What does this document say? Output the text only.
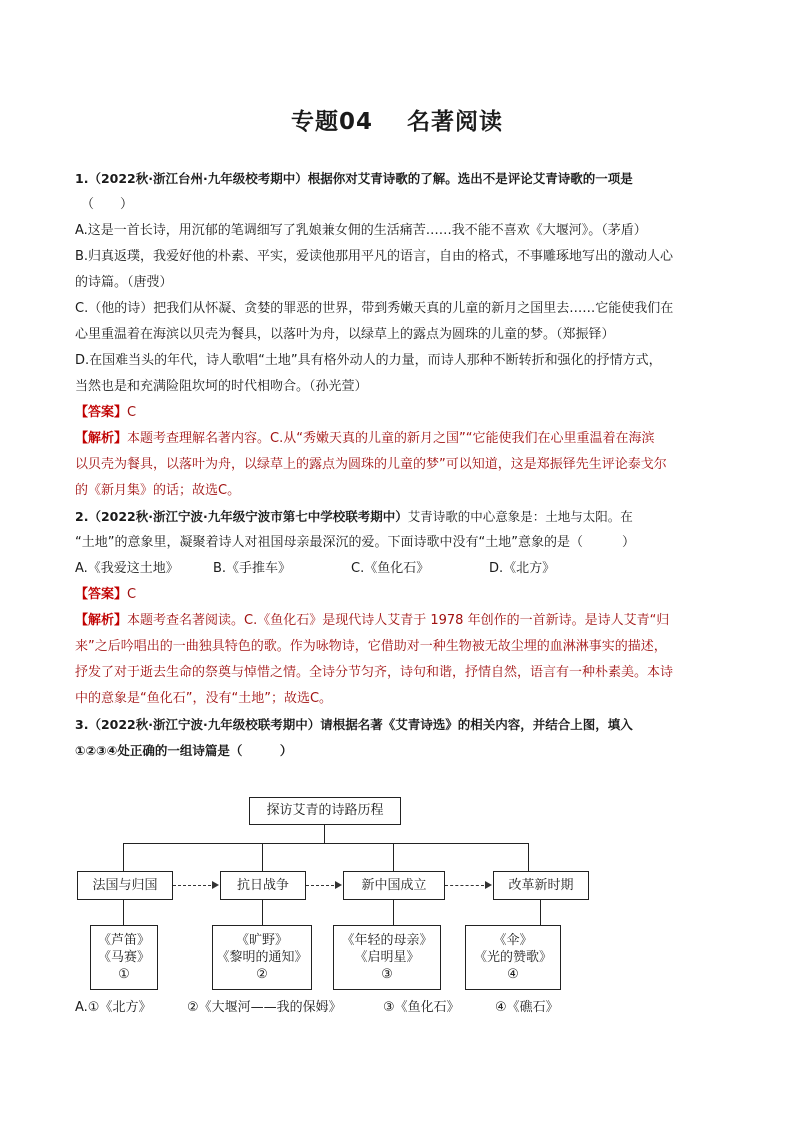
专题04 名著阅读
1.（2022秋·浙江台州·九年级校考期中）根据你对艾青诗歌的了解。选出不是评论艾青诗歌的一项是
（　　）
A.这是一首长诗，用沉郁的笔调细写了乳娘兼女佣的生活痛苦……我不能不喜欢《大堰河》。（茅盾）
B.归真返璞，我爱好他的朴素、平实，爱读他那用平凡的语言，自由的格式，不事雕琢地写出的激动人心
的诗篇。（唐弢）
C.（他的诗）把我们从怀凝、贪婪的罪恶的世界，带到秀嫩天真的儿童的新月之国里去……它能使我们在
心里重温着在海滨以贝壳为餐具，以落叶为舟，以绿草上的露点为圆珠的儿童的梦。（郑振铎）
D.在国难当头的年代，诗人歌唱“土地”具有格外动人的力量，而诗人那种不断转折和强化的抒情方式，
当然也是和充满险阻坎坷的时代相吻合。（孙光萱）
【答案】C
【解析】本题考查理解名著内容。C.从“秀嫩天真的儿童的新月之国”“它能使我们在心里重温着在海滨
以贝壳为餐具，以落叶为舟，以绿草上的露点为圆珠的儿童的梦”可以知道，这是郑振铎先生评论泰戈尔
的《新月集》的话；故选C。
2.（2022秋·浙江宁波·九年级宁波市第七中学校联考期中）艾青诗歌的中心意象是：土地与太阳。在
“土地”的意象里，凝聚着诗人对祖国母亲最深沉的爱。下面诗歌中没有“土地”意象的是（　　　）
A.《我爱这土地》	B.《手推车》	C.《鱼化石》	D.《北方》
【答案】C
【解析】本题考查名著阅读。C.《鱼化石》是现代诗人艾青于 1978 年创作的一首新诗。是诗人艾青“归
来”之后吟唱出的一曲独具特色的歌。作为咏物诗，它借助对一种生物被无故尘埋的血淋淋事实的描述，
抒发了对于逝去生命的祭奠与悼惜之情。全诗分节匀齐，诗句和谐，抒情自然，语言有一种朴素美。本诗
中的意象是“鱼化石”，没有“土地”；故选C。
3.（2022秋·浙江宁波·九年级校联考期中）请根据名著《艾青诗选》的相关内容，并结合上图，填入
①②③④处正确的一组诗篇是（　　　）
探访艾青的诗路历程
法国与归国	抗日战争	新中国成立	改革新时期
《芦笛》
《马赛》
①
《旷野》
《黎明的通知》
②
《年轻的母亲》
《启明星》
③
《伞》
《光的赞歌》
④
A.①《北方》	②《大堰河——我的保姆》	③《鱼化石》	④《礁石》
